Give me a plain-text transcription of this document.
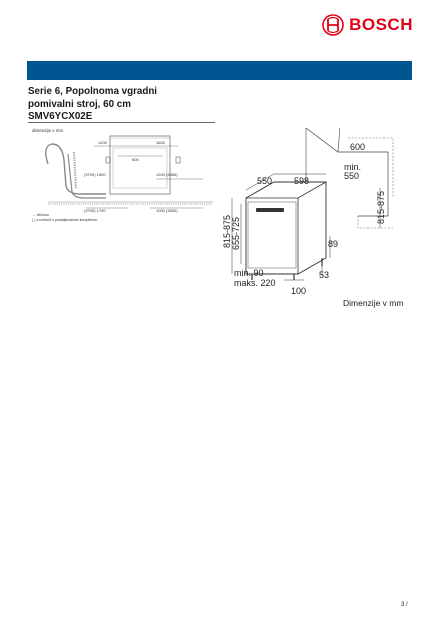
BOSCH
Serie 6, Popolnoma vgradni
pomivalni stroj, 60 cm
SMV6YCX02E
dimenzije v mm
1200	1600
600
(3700) 1500	1200 (3450)
(3700) 1700	1000 (3500)
→ vtičnica
( ) z.nvitnoS s podaljševalnim kompletom
550 598
600
min.
550
815-875 655-725
815-875
89
53
min. 90
maks. 220
100
Dimenzije v mm
3 /
